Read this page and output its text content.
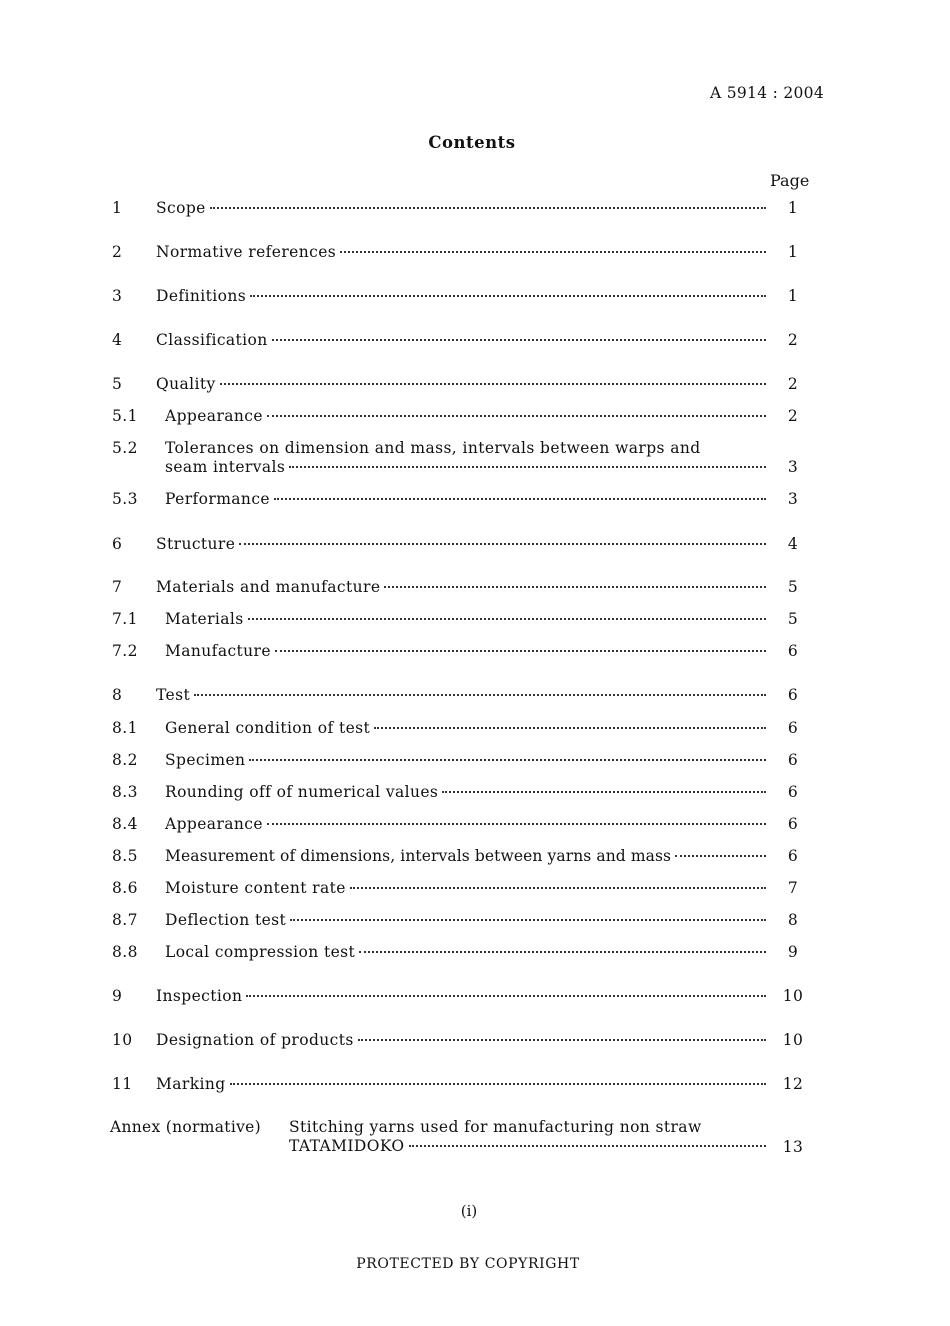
A 5914 : 2004
Contents
Page
1 Scope	1
2 Normative references	1
3 Definitions	1
4 Classification	2
5 Quality	2
5.1 Appearance	2
5.2 Tolerances on dimension and mass, intervals between warps and
seam intervals	3
5.3 Performance	3
6 Structure	4
7 Materials and manufacture	5
7.1 Materials	5
7.2 Manufacture	6
8 Test	6
8.1 General condition of test	6
8.2 Specimen	6
8.3 Rounding off of numerical values	6
8.4 Appearance	6
8.5 Measurement of dimensions, intervals between yarns and mass	6
8.6 Moisture content rate	7
8.7 Deflection test	8
8.8 Local compression test	9
9 Inspection	10
10 Designation of products	10
11 Marking	12
Annex (normative) Stitching yarns used for manufacturing non straw
TATAMIDOKO	13
(i)
PROTECTED BY COPYRIGHT
